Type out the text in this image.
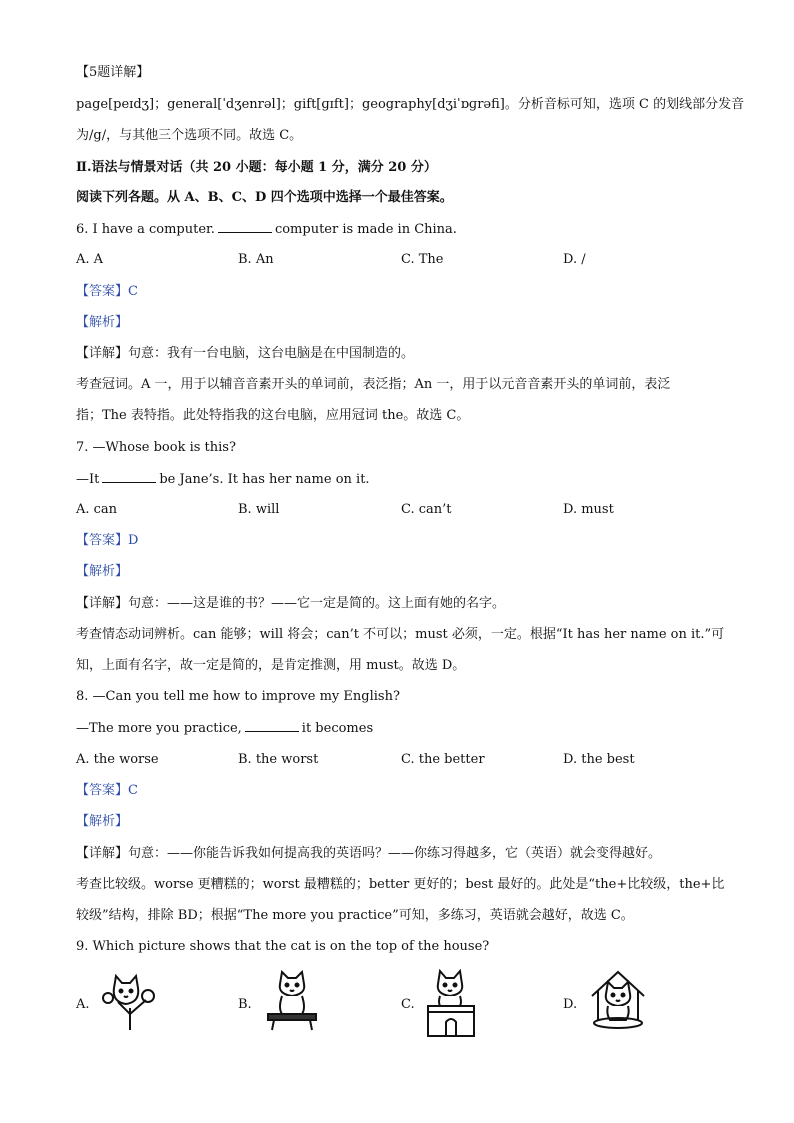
【5题详解】
page[peɪdʒ]；general[ˈdʒenrəl]；gift[ɡɪft]；geography[dʒiˈɒɡrəfi]。分析音标可知，选项 C 的划线部分发音
为/g/，与其他三个选项不同。故选 C。
Ⅱ.语法与情景对话（共 20 小题：每小题 1 分，满分 20 分）
阅读下列各题。从 A、B、C、D 四个选项中选择一个最佳答案。
6. I have a computer.	computer is made in China.
A. A	B. An	C. The	D. /
【答案】C
【解析】
【详解】句意：我有一台电脑，这台电脑是在中国制造的。
考查冠词。A 一，用于以辅音音素开头的单词前，表泛指；An 一，用于以元音音素开头的单词前，表泛
指；The 表特指。此处特指我的这台电脑，应用冠词 the。故选 C。
7. —Whose book is this?
—It	be Jane’s. It has her name on it.
A. can	B. will	C. can’t	D. must
【答案】D
【解析】
【详解】句意：——这是谁的书？——它一定是简的。这上面有她的名字。
考查情态动词辨析。can 能够；will 将会；can’t 不可以；must 必须，一定。根据“It has her name on it.”可
知，上面有名字，故一定是简的，是肯定推测，用 must。故选 D。
8. —Can you tell me how to improve my English?
—The more you practice,	it becomes
A. the worse	B. the worst	C. the better	D. the best
【答案】C
【解析】
【详解】句意：——你能告诉我如何提高我的英语吗？——你练习得越多，它（英语）就会变得越好。
考查比较级。worse 更糟糕的；worst 最糟糕的；better 更好的；best 最好的。此处是“the+比较级，the+比
较级”结构，排除 BD；根据“The more you practice”可知，多练习，英语就会越好，故选 C。
9. Which picture shows that the cat is on the top of the house?
A.	B.	C.	D.
